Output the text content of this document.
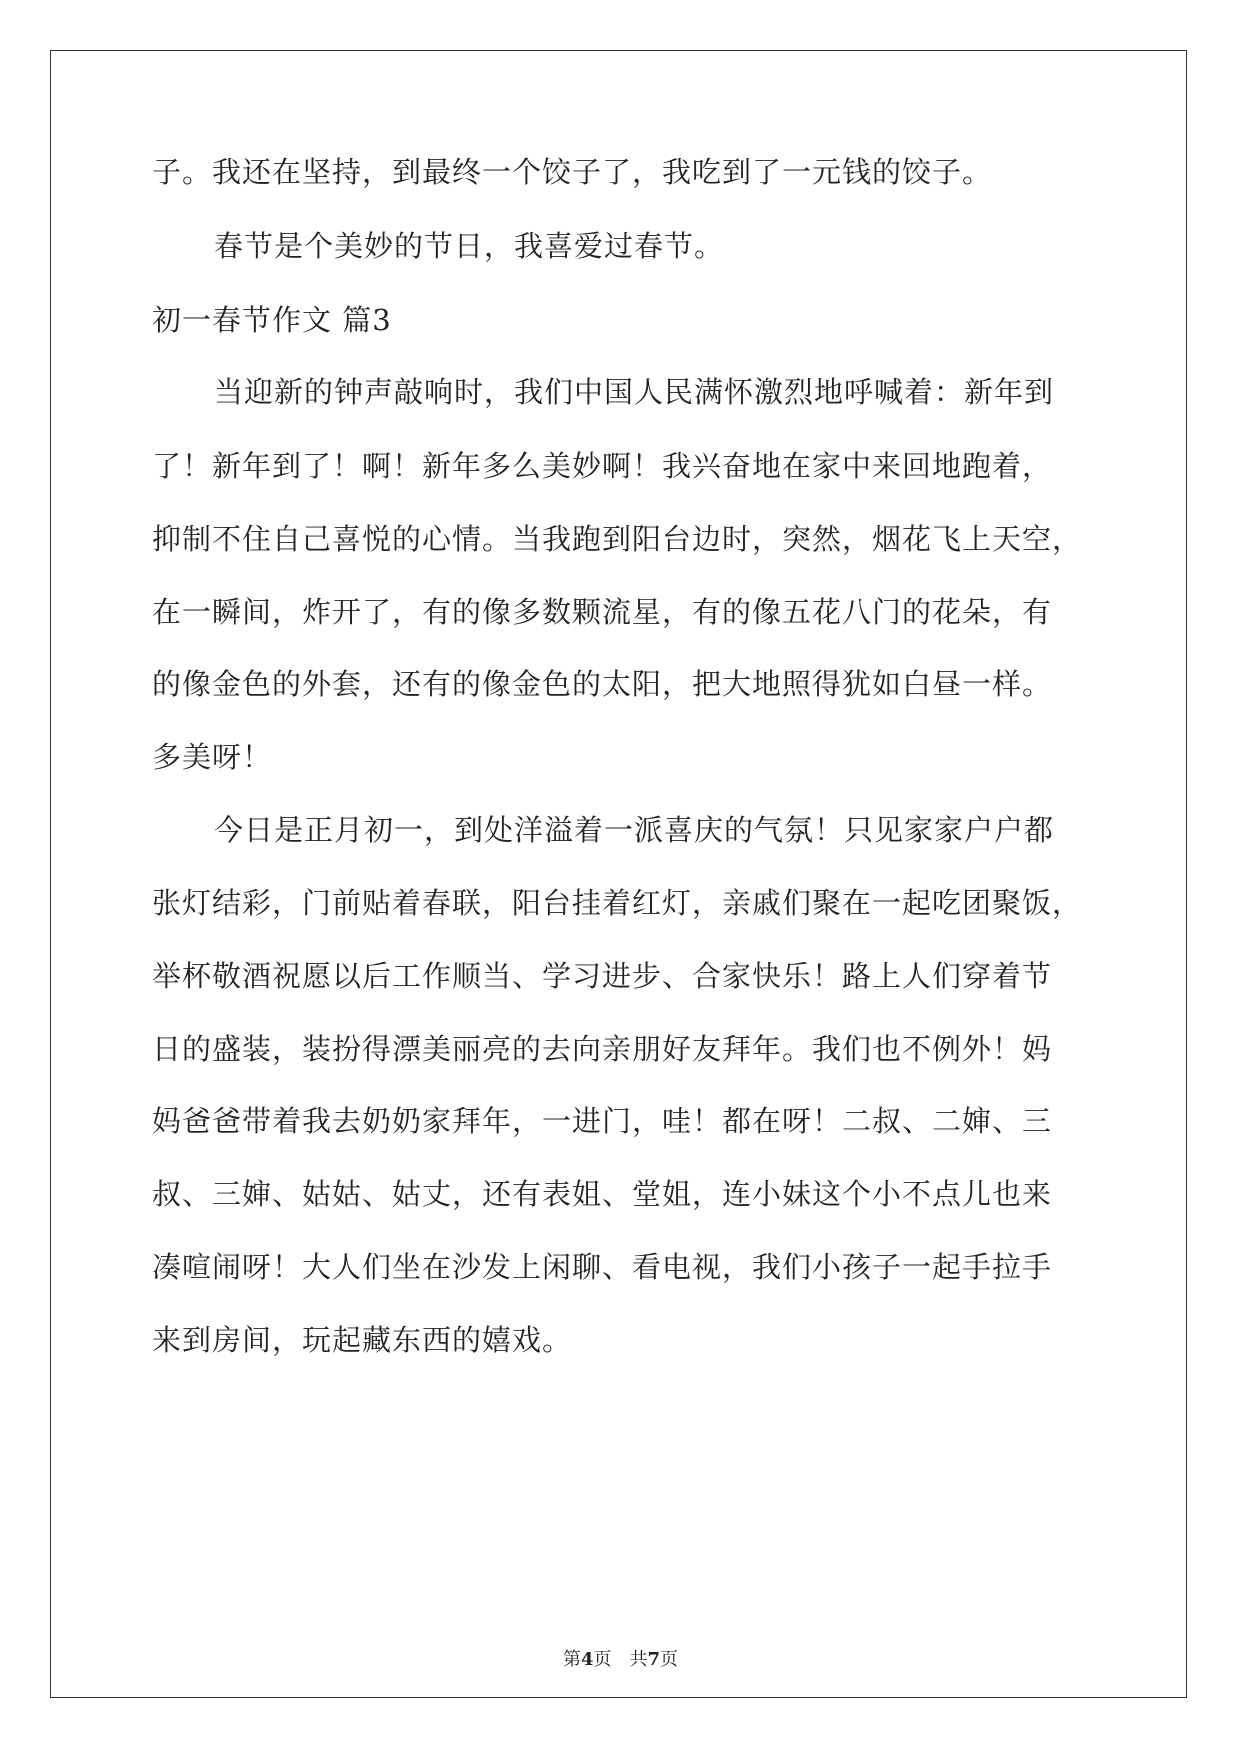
子。我还在坚持，到最终一个饺子了，我吃到了一元钱的饺子。
春节是个美妙的节日，我喜爱过春节。
初一春节作文 篇3
当迎新的钟声敲响时，我们中国人民满怀激烈地呼喊着：新年到
了！新年到了！啊！新年多么美妙啊！我兴奋地在家中来回地跑着，
抑制不住自己喜悦的心情。当我跑到阳台边时，突然，烟花飞上天空，
在一瞬间，炸开了，有的像多数颗流星，有的像五花八门的花朵，有
的像金色的外套，还有的像金色的太阳，把大地照得犹如白昼一样。
多美呀！
今日是正月初一，到处洋溢着一派喜庆的气氛！只见家家户户都
张灯结彩，门前贴着春联，阳台挂着红灯，亲戚们聚在一起吃团聚饭，
举杯敬酒祝愿以后工作顺当、学习进步、合家快乐！路上人们穿着节
日的盛装，装扮得漂美丽亮的去向亲朋好友拜年。我们也不例外！妈
妈爸爸带着我去奶奶家拜年，一进门，哇！都在呀！二叔、二婶、三
叔、三婶、姑姑、姑丈，还有表姐、堂姐，连小妹这个小不点儿也来
凑喧闹呀！大人们坐在沙发上闲聊、看电视，我们小孩子一起手拉手
来到房间，玩起藏东西的嬉戏。
第4页　共7页
